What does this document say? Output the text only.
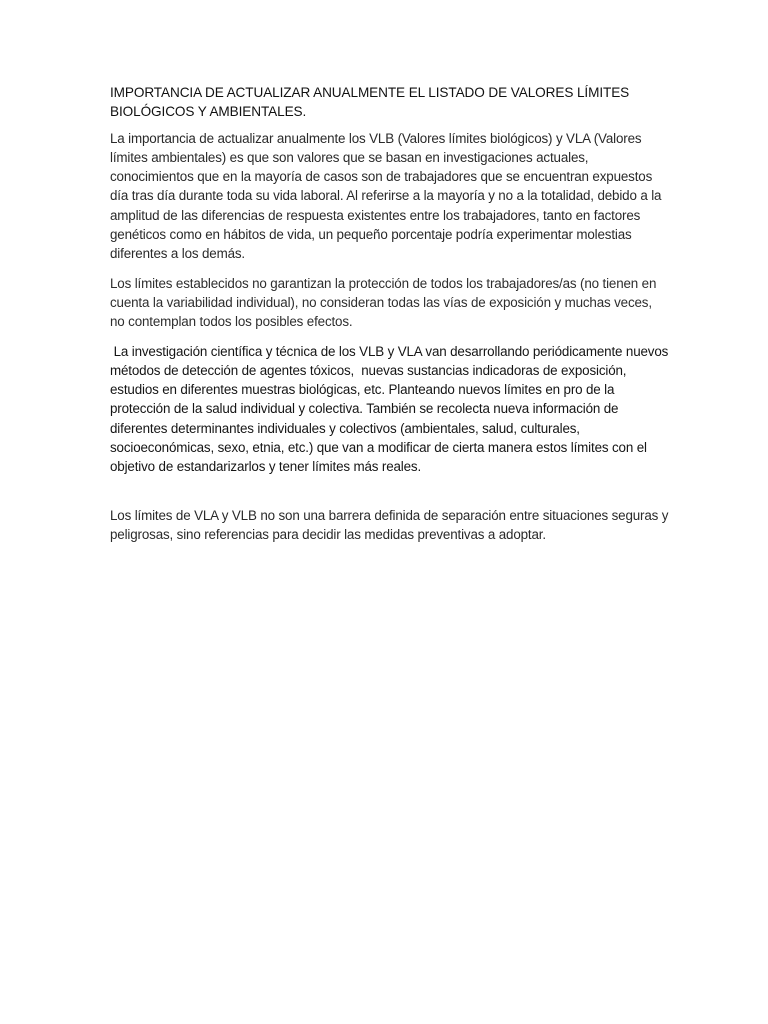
IMPORTANCIA DE ACTUALIZAR ANUALMENTE EL LISTADO DE VALORES LÍMITES BIOLÓGICOS Y AMBIENTALES.

La importancia de actualizar anualmente los VLB (Valores límites biológicos) y VLA (Valores límites ambientales) es que son valores que se basan en investigaciones actuales, conocimientos que en la mayoría de casos son de trabajadores que se encuentran expuestos día tras día durante toda su vida laboral. Al referirse a la mayoría y no a la totalidad, debido a la amplitud de las diferencias de respuesta existentes entre los trabajadores, tanto en factores genéticos como en hábitos de vida, un pequeño porcentaje podría experimentar molestias diferentes a los demás.

Los límites establecidos no garantizan la protección de todos los trabajadores/as (no tienen en cuenta la variabilidad individual), no consideran todas las vías de exposición y muchas veces, no contemplan todos los posibles efectos.

La investigación científica y técnica de los VLB y VLA van desarrollando periódicamente nuevos métodos de detección de agentes tóxicos,  nuevas sustancias indicadoras de exposición, estudios en diferentes muestras biológicas, etc. Planteando nuevos límites en pro de la protección de la salud individual y colectiva. También se recolecta nueva información de diferentes determinantes individuales y colectivos (ambientales, salud, culturales, socioeconómicas, sexo, etnia, etc.) que van a modificar de cierta manera estos límites con el objetivo de estandarizarlos y tener límites más reales.

Los límites de VLA y VLB no son una barrera definida de separación entre situaciones seguras y peligrosas, sino referencias para decidir las medidas preventivas a adoptar.
